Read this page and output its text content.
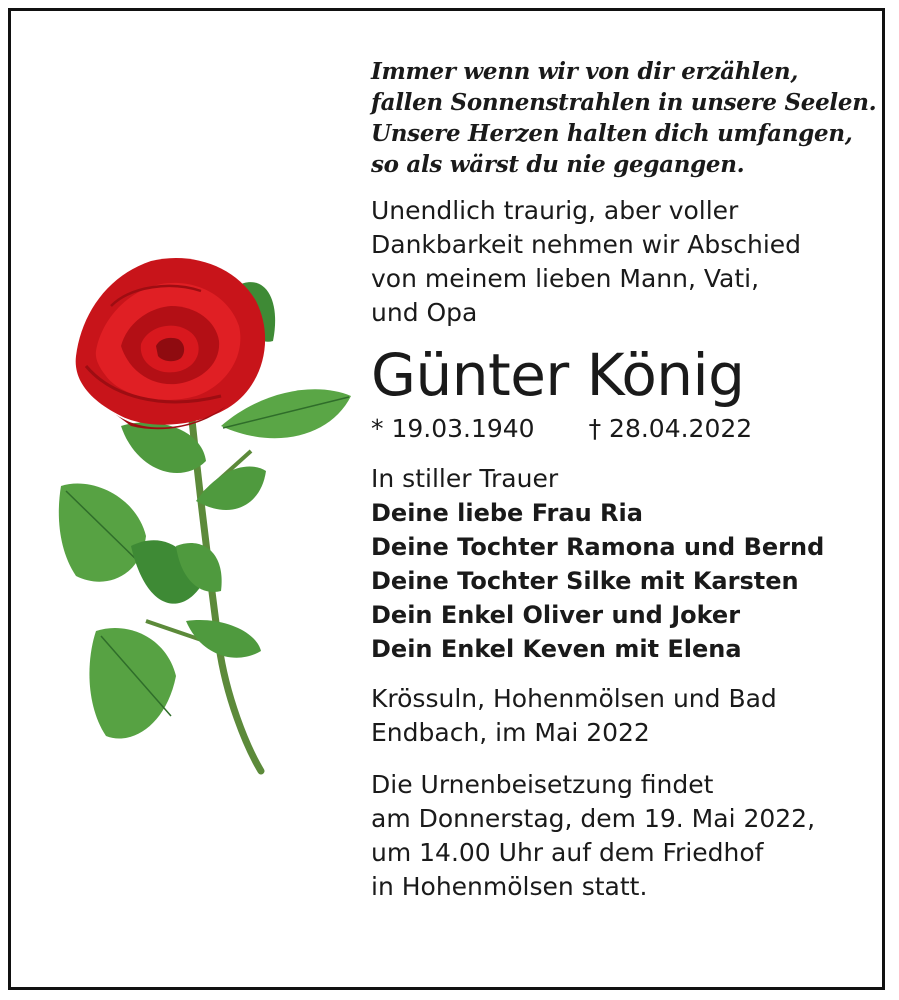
Immer wenn wir von dir erzählen,
fallen Sonnenstrahlen in unsere Seelen.
Unsere Herzen halten dich umfangen,
so als wärst du nie gegangen.
Unendlich traurig, aber voller
Dankbarkeit nehmen wir Abschied
von meinem lieben Mann, Vati,
und Opa
Günter König
* 19.03.1940 † 28.04.2022
In stiller Trauer
Deine liebe Frau Ria
Deine Tochter Ramona und Bernd
Deine Tochter Silke mit Karsten
Dein Enkel Oliver und Joker
Dein Enkel Keven mit Elena
Krössuln, Hohenmölsen und Bad
Endbach, im Mai 2022
Die Urnenbeisetzung findet
am Donnerstag, dem 19. Mai 2022,
um 14.00 Uhr auf dem Friedhof
in Hohenmölsen statt.
